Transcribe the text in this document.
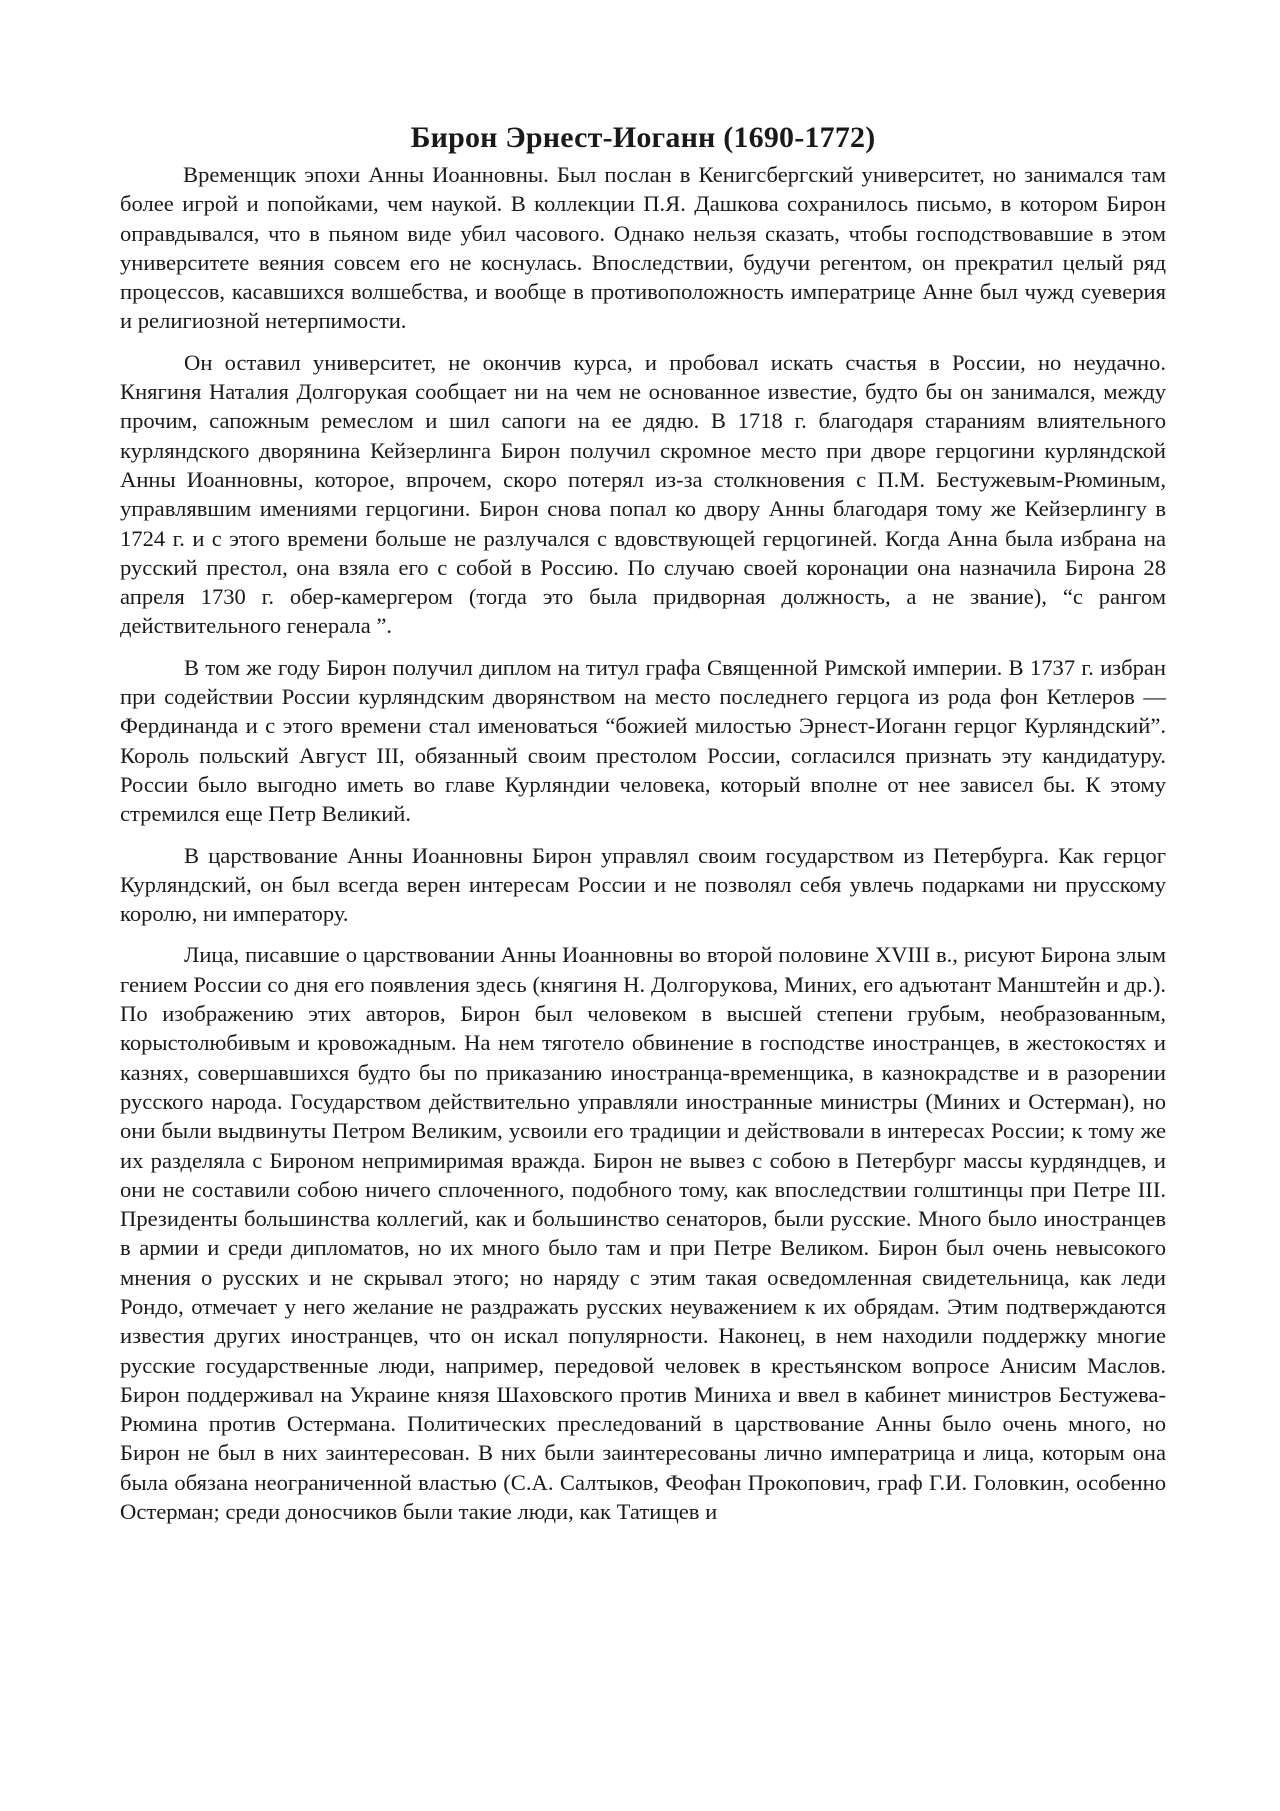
Бирон Эрнест-Иоганн (1690-1772)

Временщик эпохи Анны Иоанновны. Был послан в Кенигсбергский университет, но занимался там более игрой и попойками, чем наукой. В коллекции П.Я. Дашкова сохранилось письмо, в котором Бирон оправдывался, что в пьяном виде убил часового. Однако нельзя сказать, чтобы господствовавшие в этом университете веяния совсем его не коснулась. Впоследствии, будучи регентом, он прекратил целый ряд процессов, касавшихся волшебства, и вообще в противоположность императрице Анне был чужд суеверия и религиозной нетерпимости.

Он оставил университет, не окончив курса, и пробовал искать счастья в России, но неудачно. Княгиня Наталия Долгорукая сообщает ни на чем не основанное известие, будто бы он занимался, между прочим, сапожным ремеслом и шил сапоги на ее дядю. В 1718 г. благодаря стараниям влиятельного курляндского дворянина Кейзерлинга Бирон получил скромное место при дворе герцогини курляндской Анны Иоанновны, которое, впрочем, скоро потерял из-за столкновения с П.М. Бестужевым-Рюминым, управлявшим имениями герцогини. Бирон снова попал ко двору Анны благодаря тому же Кейзерлингу в 1724 г. и с этого времени больше не разлучался с вдовствующей герцогиней. Когда Анна была избрана на русский престол, она взяла его с собой в Россию. По случаю своей коронации она назначила Бирона 28 апреля 1730 г. обер-камергером (тогда это была придворная должность, а не звание), “с рангом действительного генерала ”.

В том же году Бирон получил диплом на титул графа Священной Римской империи. В 1737 г. избран при содействии России курляндским дворянством на место последнего герцога из рода фон Кетлеров — Фердинанда и с этого времени стал именоваться “божией милостью Эрнест-Иоганн герцог Курляндский”. Король польский Август III, обязанный своим престолом России, согласился признать эту кандидатуру. России было выгодно иметь во главе Курляндии человека, который вполне от нее зависел бы. К этому стремился еще Петр Великий.

В царствование Анны Иоанновны Бирон управлял своим государством из Петербурга. Как герцог Курляндский, он был всегда верен интересам России и не позволял себя увлечь подарками ни прусскому королю, ни императору.

Лица, писавшие о царствовании Анны Иоанновны во второй половине XVIII в., рисуют Бирона злым гением России со дня его появления здесь (княгиня Н. Долгорукова, Миних, его адъютант Манштейн и др.). По изображению этих авторов, Бирон был человеком в высшей степени грубым, необразованным, корыстолюбивым и кровожадным. На нем тяготело обвинение в господстве иностранцев, в жестокостях и казнях, совершавшихся будто бы по приказанию иностранца-временщика, в казнокрадстве и в разорении русского народа. Государством действительно управляли иностранные министры (Миних и Остерман), но они были выдвинуты Петром Великим, усвоили его традиции и действовали в интересах России; к тому же их разделяла с Бироном непримиримая вражда. Бирон не вывез с собою в Петербург массы курдяндцев, и они не составили собою ничего сплоченного, подобного тому, как впоследствии голштинцы при Петре III. Президенты большинства коллегий, как и большинство сенаторов, были русские. Много было иностранцев в армии и среди дипломатов, но их много было там и при Петре Великом. Бирон был очень невысокого мнения о русских и не скрывал этого; но наряду с этим такая осведомленная свидетельница, как леди Рондо, отмечает у него желание не раздражать русских неуважением к их обрядам. Этим подтверждаются известия других иностранцев, что он искал популярности. Наконец, в нем находили поддержку многие русские государственные люди, например, передовой человек в крестьянском вопросе Анисим Маслов. Бирон поддерживал на Украине князя Шаховского против Миниха и ввел в кабинет министров Бестужева-Рюмина против Остермана. Политических преследований в царствование Анны было очень много, но Бирон не был в них заинтересован. В них были заинтересованы лично императрица и лица, которым она была обязана неограниченной властью (С.А. Салтыков, Феофан Прокопович, граф Г.И. Головкин, особенно Остерман; среди доносчиков были такие люди, как Татищев и
